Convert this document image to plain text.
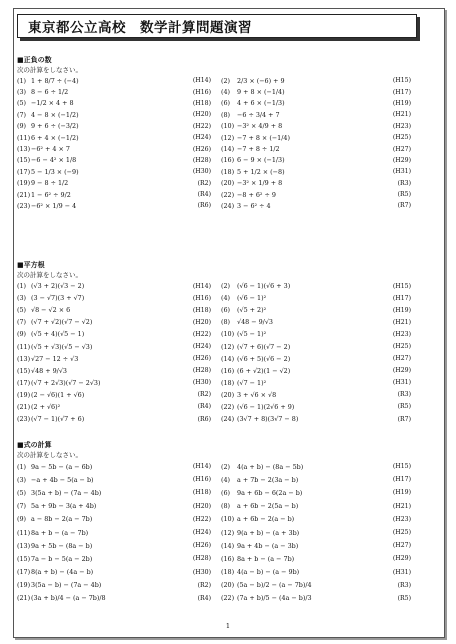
東京都公立高校　数学計算問題演習
■正負の数
次の計算をしなさい。
(1) 1 + 8/7 ÷ (−4)	(H14)	(2)	2/3 × (−6) + 9	(H15)
(3) 8 − 6 ÷ 1/2	(H16)	(4)	9 + 8 × (−1/4)	(H17)
(5) −1/2 × 4 + 8	(H18)	(6)	4 + 6 × (−1/3)	(H19)
(7) 4 − 8 × (−1/2)	(H20)	(8)	−6 ÷ 3/4 + 7	(H21)
(9) 9 + 6 ÷ (−3/2)	(H22)	(10) −3² × 4/9 + 8	(H23)
(11) 6 + 4 × (−1/2)	(H24)	(12) −7 + 8 × (−1/4)	(H25)
(13) −6² + 4 × 7	(H26)	(14) −7 + 8 ÷ 1/2	(H27)
(15) −6 − 4² × 1/8	(H28)	(16) 6 − 9 × (−1/3)	(H29)
(17) 5 − 1/3 × (−9)	(H30)	(18) 5 + 1/2 × (−8)	(H31)
(19) 9 − 8 ÷ 1/2	(R2)	(20) −3² × 1/9 + 8	(R3)
(21) 1 − 6² ÷ 9/2	(R4)	(22) −8 + 6² ÷ 9	(R5)
(23) −6² × 1/9 − 4	(R6)	(24) 3 − 6² ÷ 4	(R7)
■平方根
次の計算をしなさい。
(1) (√3 + 2)(√3 − 2)	(H14)	(2)	(√6 − 1)(√6 + 3)	(H15)
(3) (3 − √7)(3 + √7)	(H16)	(4)	(√6 − 1)²	(H17)
(5) √8 − √2 × 6	(H18)	(6)	(√5 + 2)²	(H19)
(7) (√7 + √2)(√7 − √2)	(H20)	(8)	√48 − 9/√3	(H21)
(9) (√5 + 4)(√5 − 1)	(H22)	(10) (√5 − 1)²	(H23)
(11) (√5 + √3)(√5 − √3)	(H24)	(12) (√7 + 6)(√7 − 2)	(H25)
(13) √27 − 12 ÷ √3	(H26)	(14) (√6 + 5)(√6 − 2)	(H27)
(15) √48 + 9/√3	(H28)	(16) (6 + √2)(1 − √2)	(H29)
(17) (√7 + 2√3)(√7 − 2√3)	(H30)	(18) (√7 − 1)²	(H31)
(19) (2 − √6)(1 + √6)	(R2)	(20) 3 + √6 × √8	(R3)
(21) (2 + √6)²	(R4)	(22) (√6 − 1)(2√6 + 9)	(R5)
(23) (√7 − 1)(√7 + 6)	(R6)	(24) (3√7 + 8)(3√7 − 8)	(R7)
■式の計算
次の計算をしなさい。
(1) 9a − 5b − (a − 6b)	(H14)	(2)	4(a + b) − (8a − 5b)	(H15)
(3) −a + 4b − 5(a − b)	(H16)	(4)	a + 7b − 2(3a − b)	(H17)
(5) 3(5a + b) − (7a − 4b)	(H18)	(6)	9a + 6b − 6(2a − b)	(H19)
(7) 5a + 9b − 3(a + 4b)	(H20)	(8)	a + 6b − 2(5a − b)	(H21)
(9) a − 8b − 2(a − 7b)	(H22)	(10) a + 6b − 2(a − b)	(H23)
(11) 8a + b − (a − 7b)	(H24)	(12) 9(a + b) − (a + 3b)	(H25)
(13) 9a + 5b − (8a − b)	(H26)	(14) 9a + 4b − (a − 3b)	(H27)
(15) 7a − b − 5(a − 2b)	(H28)	(16) 8a + b − (a − 7b)	(H29)
(17) 8(a + b) − (4a − b)	(H30)	(18) 4(a − b) − (a − 9b)	(H31)
(19) 3(5a − b) − (7a − 4b)	(R2)	(20) (5a − b)/2 − (a − 7b)/4	(R3)
(21) (3a + b)/4 − (a − 7b)/8	(R4)	(22) (7a + b)/5 − (4a − b)/3	(R5)
1
